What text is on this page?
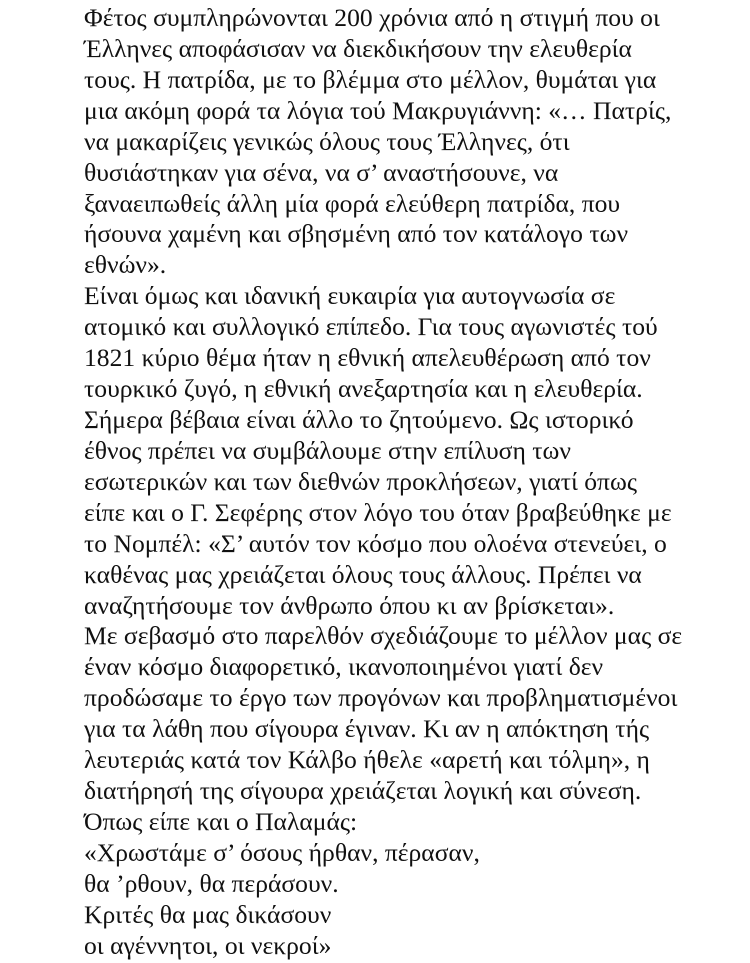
Φέτος συμπληρώνονται 200 χρόνια από η στιγμή που οι
Έλληνες αποφάσισαν να διεκδικήσουν την ελευθερία
τους. Η πατρίδα, με το βλέμμα στο μέλλον, θυμάται για
μια ακόμη φορά τα λόγια τού Μακρυγιάννη: «… Πατρίς,
να μακαρίζεις γενικώς όλους τους Έλληνες, ότι
θυσιάστηκαν για σένα, να σ’ αναστήσουνε, να
ξαναειπωθείς άλλη μία φορά ελεύθερη πατρίδα, που
ήσουνα χαμένη και σβησμένη από τον κατάλογο των
εθνών».
Είναι όμως και ιδανική ευκαιρία για αυτογνωσία σε
ατομικό και συλλογικό επίπεδο. Για τους αγωνιστές τού
1821 κύριο θέμα ήταν η εθνική απελευθέρωση από τον
τουρκικό ζυγό, η εθνική ανεξαρτησία και η ελευθερία.
Σήμερα βέβαια είναι άλλο το ζητούμενο. Ως ιστορικό
έθνος πρέπει να συμβάλουμε στην επίλυση των
εσωτερικών και των διεθνών προκλήσεων, γιατί όπως
είπε και ο Γ. Σεφέρης στον λόγο του όταν βραβεύθηκε με
το Νομπέλ: «Σ’ αυτόν τον κόσμο που ολοένα στενεύει, ο
καθένας μας χρειάζεται όλους τους άλλους. Πρέπει να
αναζητήσουμε τον άνθρωπο όπου κι αν βρίσκεται».
Με σεβασμό στο παρελθόν σχεδιάζουμε το μέλλον μας σε
έναν κόσμο διαφορετικό, ικανοποιημένοι γιατί δεν
προδώσαμε το έργο των προγόνων και προβληματισμένοι
για τα λάθη που σίγουρα έγιναν. Κι αν η απόκτηση τής
λευτεριάς κατά τον Κάλβο ήθελε «αρετή και τόλμη», η
διατήρησή της σίγουρα χρειάζεται λογική και σύνεση.
Όπως είπε και ο Παλαμάς:
«Χρωστάμε σ’ όσους ήρθαν, πέρασαν,
θα ’ρθουν, θα περάσουν.
Κριτές θα μας δικάσουν
οι αγέννητοι, οι νεκροί»
